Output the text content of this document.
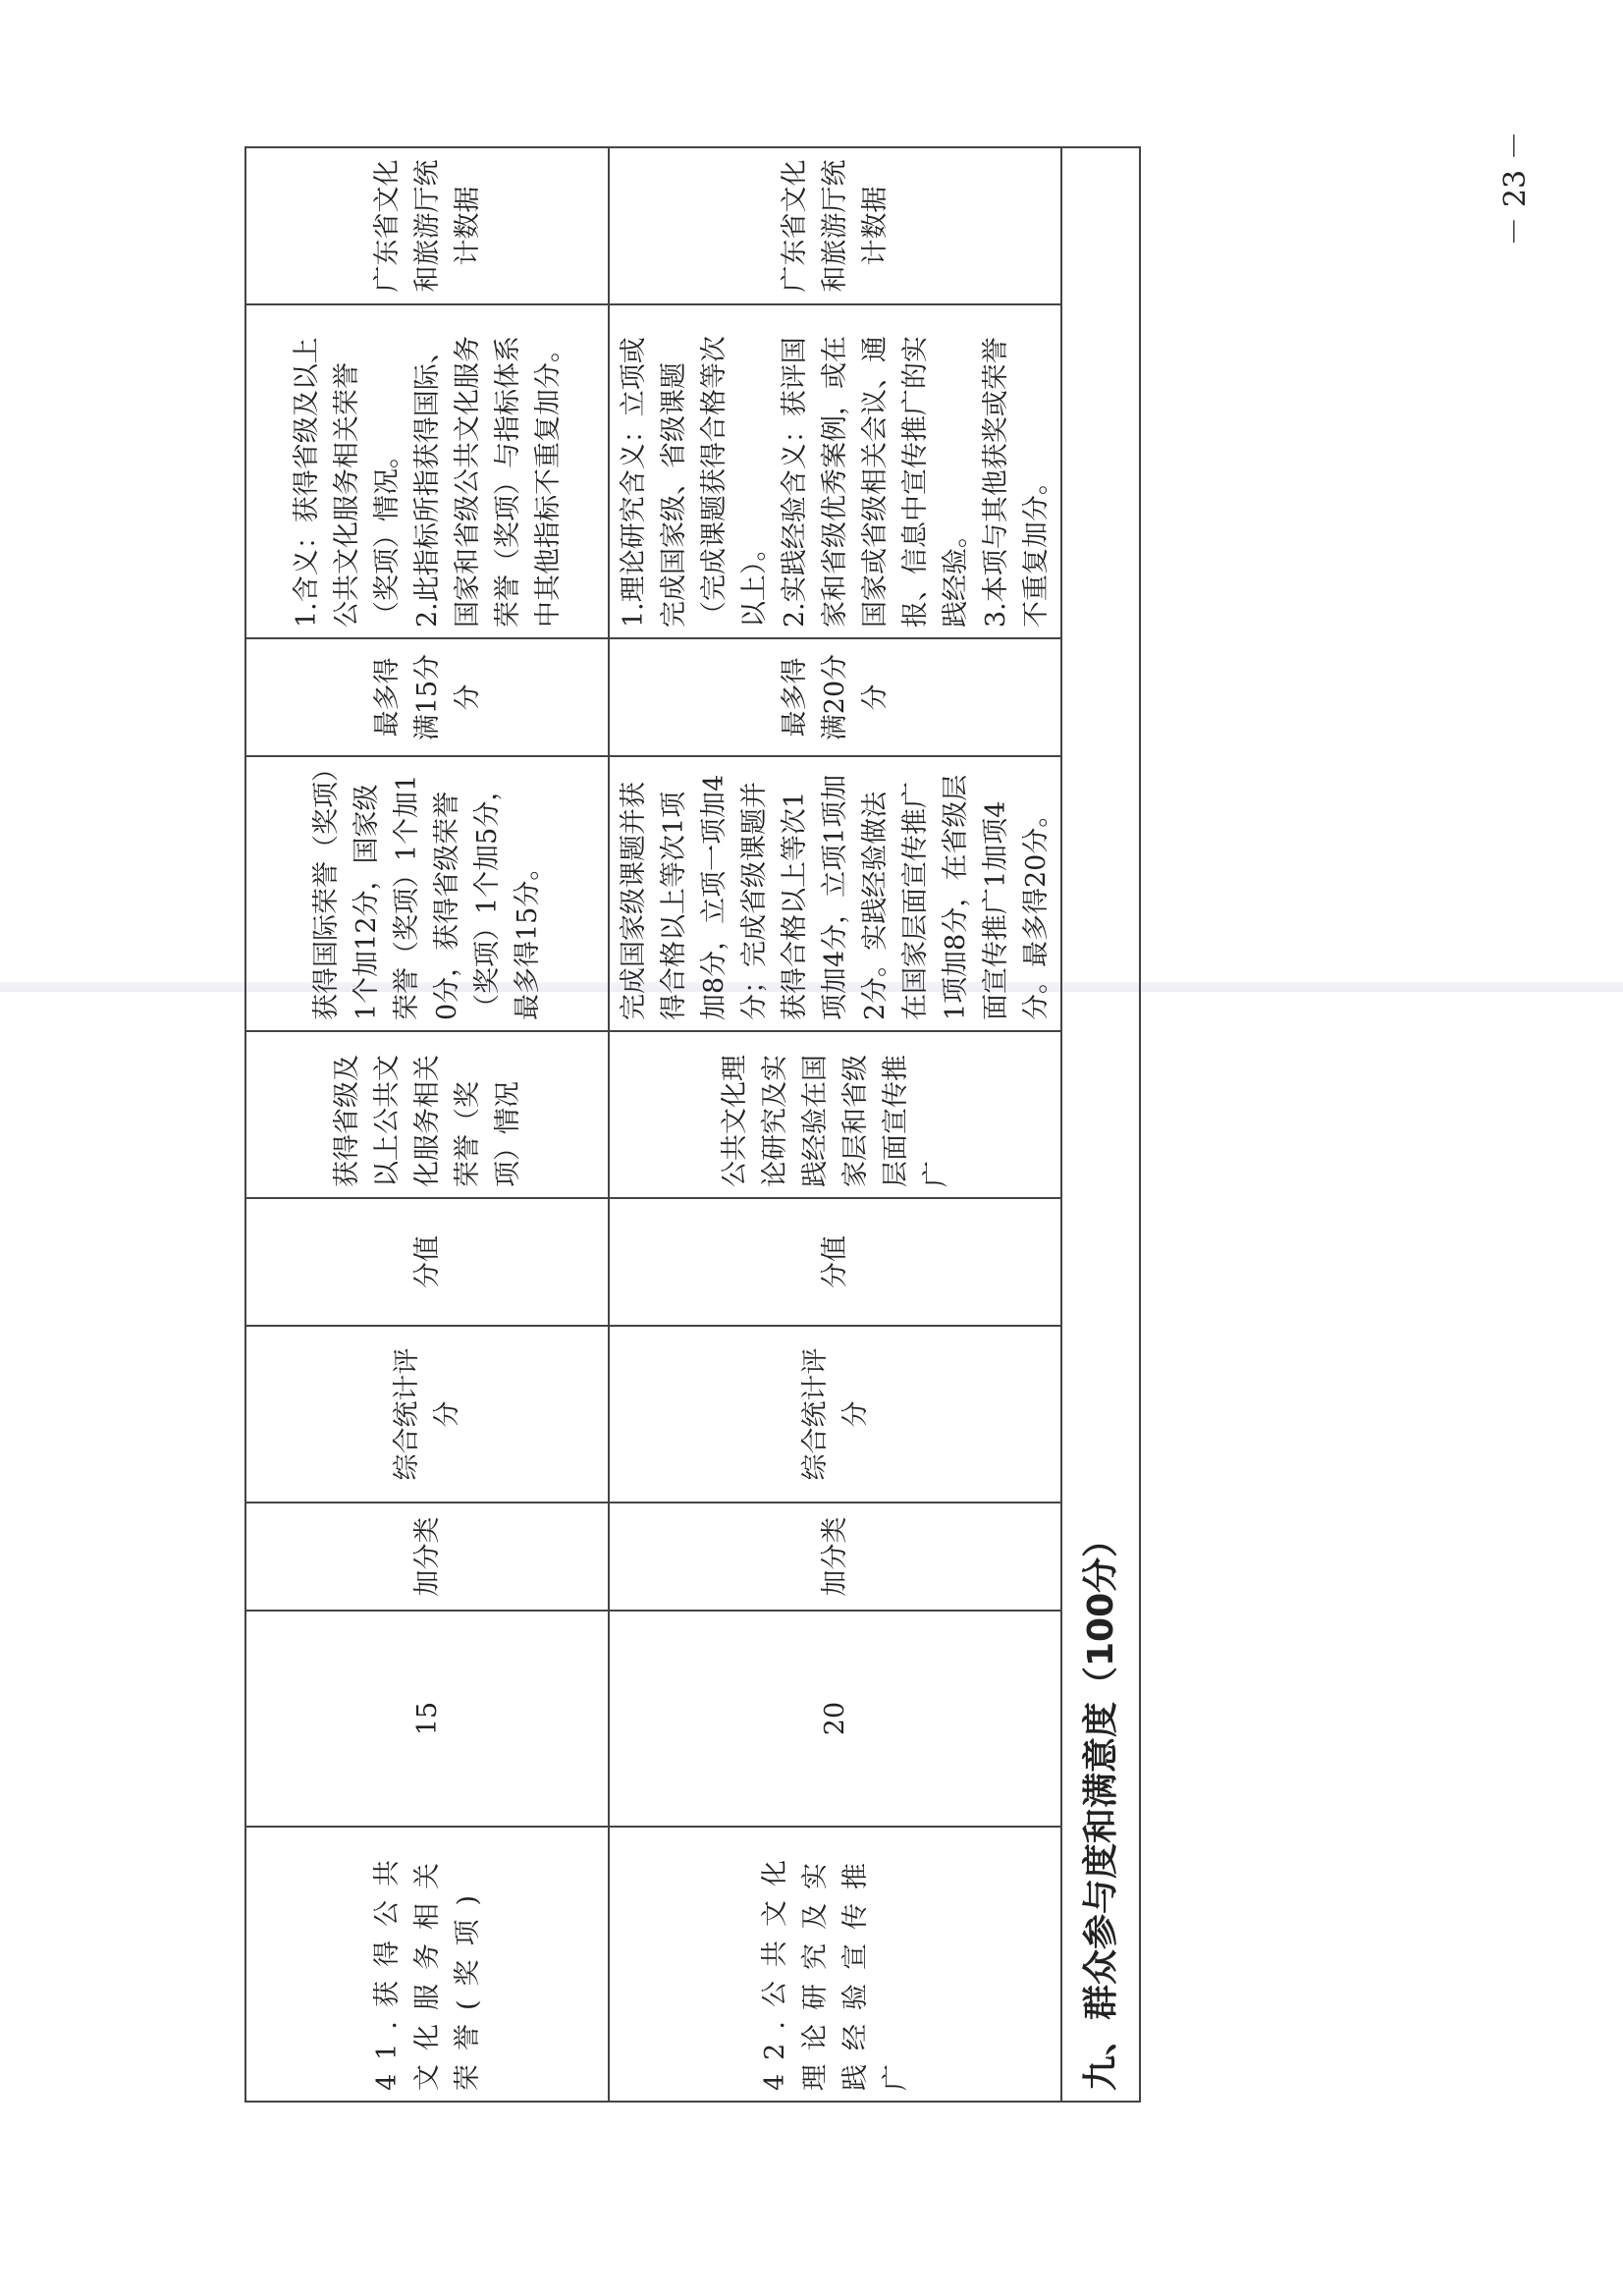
－ 23 －

	41.获得公共文化服务相关荣誉(奖项)	15	加分类	综合统计评分	分值	获得省级及以上公共文化服务相关荣誉（奖项）情况	获得国际荣誉（奖项）1个加12分，国家级荣誉（奖项）1个加10分，获得省级荣誉（奖项）1个加5分，最多得15分。	最多得满15分分	1.含义：获得省级及以上公共文化服务相关荣誉（奖项）情况。 2.此指标所指获得国际、国家和省级公共文化服务荣誉（奖项）与指标体系中其他指标不重复加分。	广东省文化和旅游厅统计数据
	42.公共文化理论研究及实践经验宣传推广	20	加分类	综合统计评分	分值	公共文化理论研究及实践经验在国家层和省级层面宣传推广	完成国家级课题并获得合格以上等次1项加8分，立项一项加4分；完成省级课题并获得合格以上等次1项加4分，立项1项加2分。实践经验做法在国家层面宣传推广1项加8分，在省级层面宣传推广1加项4分。最多得20分。	最多得满20分分	1.理论研究含义：立项或完成国家级、省级课题（完成课题获得合格等次以上）。 2.实践经验含义：获评国家和省级优秀案例，或在国家或省级相关会议、通报、信息中宣传推广的实践经验。 3.本项与其他获奖或荣誉不重复加分。	广东省文化和旅游厅统计数据
	九、群众参与度和满意度（100分）									
